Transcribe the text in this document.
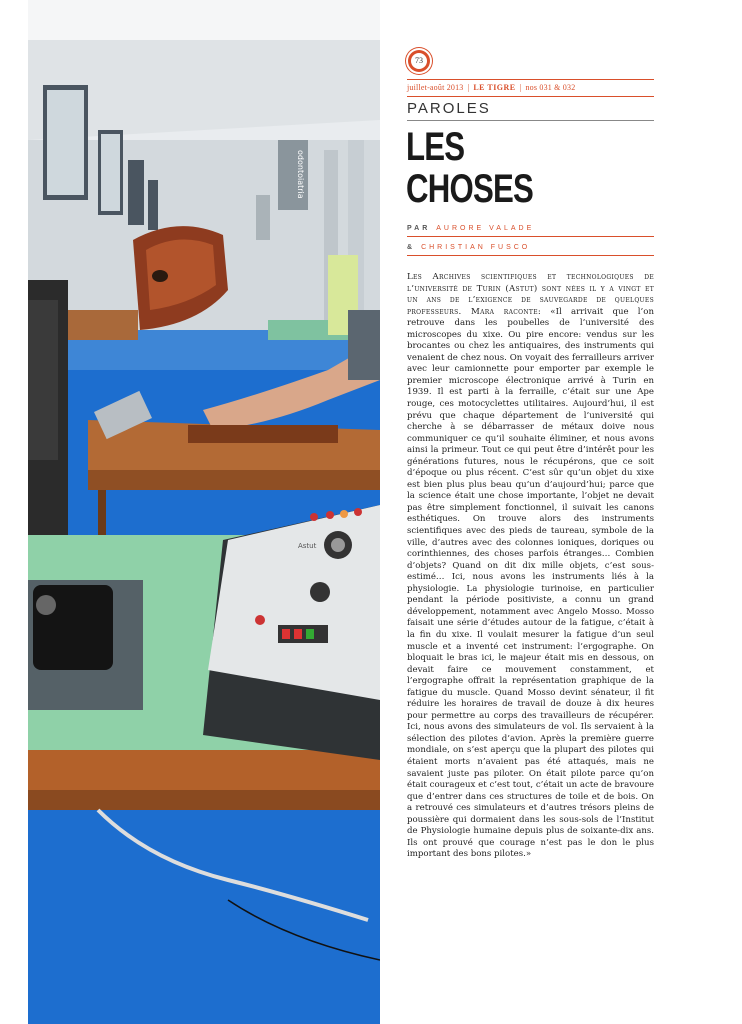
odontoiatria
Astut
73
juillet-août 2013 | LE TIGRE | nos 031 & 032
PAROLES
LES
CHOSES
PAR AURORE VALADE
& CHRISTIAN FUSCO
Les Archives scientifiques et technologiques de l’université de Turin (Astut) sont nées il y a vingt et un ans de l’exigence de sauvegarde de quelques professeurs. Mara raconte: «Il arrivait que l’on retrouve dans les poubelles de l’université des microscopes du xixe. Ou pire encore: vendus sur les brocantes ou chez les antiquaires, des instruments qui venaient de chez nous. On voyait des ferrailleurs arriver avec leur camionnette pour emporter par exemple le premier microscope électronique arrivé à Turin en 1939. Il est parti à la ferraille, c’était sur une Ape rouge, ces motocyclettes utilitaires. Aujourd’hui, il est prévu que chaque département de l’université qui cherche à se débarrasser de métaux doive nous communiquer ce qu’il souhaite éliminer, et nous avons ainsi la primeur. Tout ce qui peut être d’intérêt pour les générations futures, nous le récupérons, que ce soit d’époque ou plus récent. C’est sûr qu’un objet du xixe est bien plus plus beau qu’un d’aujourd’hui; parce que la science était une chose importante, l’objet ne devait pas être simplement fonctionnel, il suivait les canons esthétiques. On trouve alors des instruments scientifiques avec des pieds de taureau, symbole de la ville, d’autres avec des colonnes ioniques, doriques ou corinthiennes, des choses parfois étranges… Combien d’objets? Quand on dit dix mille objets, c’est sous-estimé… Ici, nous avons les instruments liés à la physiologie. La physiologie turinoise, en particulier pendant la période positiviste, a connu un grand développement, notamment avec Angelo Mosso. Mosso faisait une série d’études autour de la fatigue, c’était à la fin du xixe. Il voulait mesurer la fatigue d’un seul muscle et a inventé cet instrument: l’ergographe. On bloquait le bras ici, le majeur était mis en dessous, on devait faire ce mouvement constamment, et l’ergographe offrait la représentation graphique de la fatigue du muscle. Quand Mosso devint sénateur, il fit réduire les horaires de travail de douze à dix heures pour permettre au corps des travailleurs de récupérer. Ici, nous avons des simulateurs de vol. Ils servaient à la sélection des pilotes d’avion. Après la première guerre mondiale, on s’est aperçu que la plupart des pilotes qui étaient morts n’avaient pas été attaqués, mais ne savaient juste pas piloter. On était pilote parce qu’on était courageux et c’est tout, c’était un acte de bravoure que d’entrer dans ces structures de toile et de bois. On a retrouvé ces simulateurs et d’autres trésors pleins de poussière qui dormaient dans les sous-sols de l’Institut de Physiologie humaine depuis plus de soixante-dix ans. Ils ont prouvé que courage n’est pas le don le plus important des bons pilotes.»
